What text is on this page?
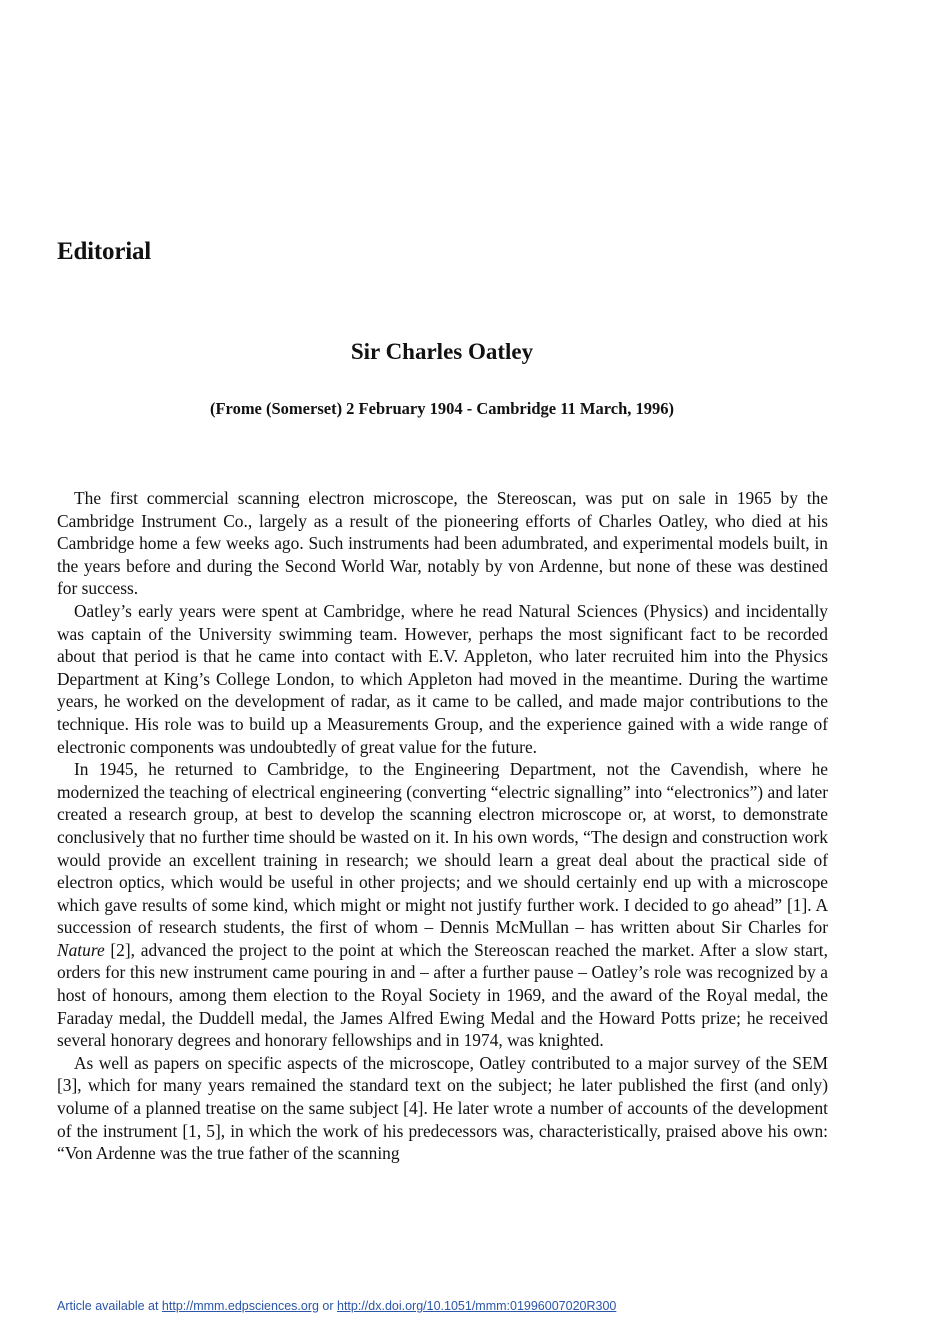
Editorial
Sir Charles Oatley
(Frome (Somerset) 2 February 1904 - Cambridge 11 March, 1996)

The first commercial scanning electron microscope, the Stereoscan, was put on sale in 1965 by the Cambridge Instrument Co., largely as a result of the pioneering efforts of Charles Oatley, who died at his Cambridge home a few weeks ago. Such instruments had been adumbrated, and experimental models built, in the years before and during the Second World War, notably by von Ardenne, but none of these was destined for success.

Oatley’s early years were spent at Cambridge, where he read Natural Sciences (Physics) and incidentally was captain of the University swimming team. However, perhaps the most significant fact to be recorded about that period is that he came into contact with E.V. Appleton, who later recruited him into the Physics Department at King’s College London, to which Appleton had moved in the meantime. During the wartime years, he worked on the development of radar, as it came to be called, and made major contributions to the technique. His role was to build up a Measurements Group, and the experience gained with a wide range of electronic components was undoubtedly of great value for the future.

In 1945, he returned to Cambridge, to the Engineering Department, not the Cavendish, where he modernized the teaching of electrical engineering (converting “electric signalling” into “electronics”) and later created a research group, at best to develop the scanning electron microscope or, at worst, to demonstrate conclusively that no further time should be wasted on it. In his own words, “The design and construction work would provide an excellent training in research; we should learn a great deal about the practical side of electron optics, which would be useful in other projects; and we should certainly end up with a microscope which gave results of some kind, which might or might not justify further work. I decided to go ahead” [1]. A succession of research students, the first of whom – Dennis McMullan – has written about Sir Charles for Nature [2], advanced the project to the point at which the Stereoscan reached the market. After a slow start, orders for this new instrument came pouring in and – after a further pause – Oatley’s role was recognized by a host of honours, among them election to the Royal Society in 1969, and the award of the Royal medal, the Faraday medal, the Duddell medal, the James Alfred Ewing Medal and the Howard Potts prize; he received several honorary degrees and honorary fellowships and in 1974, was knighted.

As well as papers on specific aspects of the microscope, Oatley contributed to a major survey of the SEM [3], which for many years remained the standard text on the subject; he later published the first (and only) volume of a planned treatise on the same subject [4]. He later wrote a number of accounts of the development of the instrument [1, 5], in which the work of his predecessors was, characteristically, praised above his own: “Von Ardenne was the true father of the scanning

Article available at http://mmm.edpsciences.org or http://dx.doi.org/10.1051/mmm:01996007020R300
